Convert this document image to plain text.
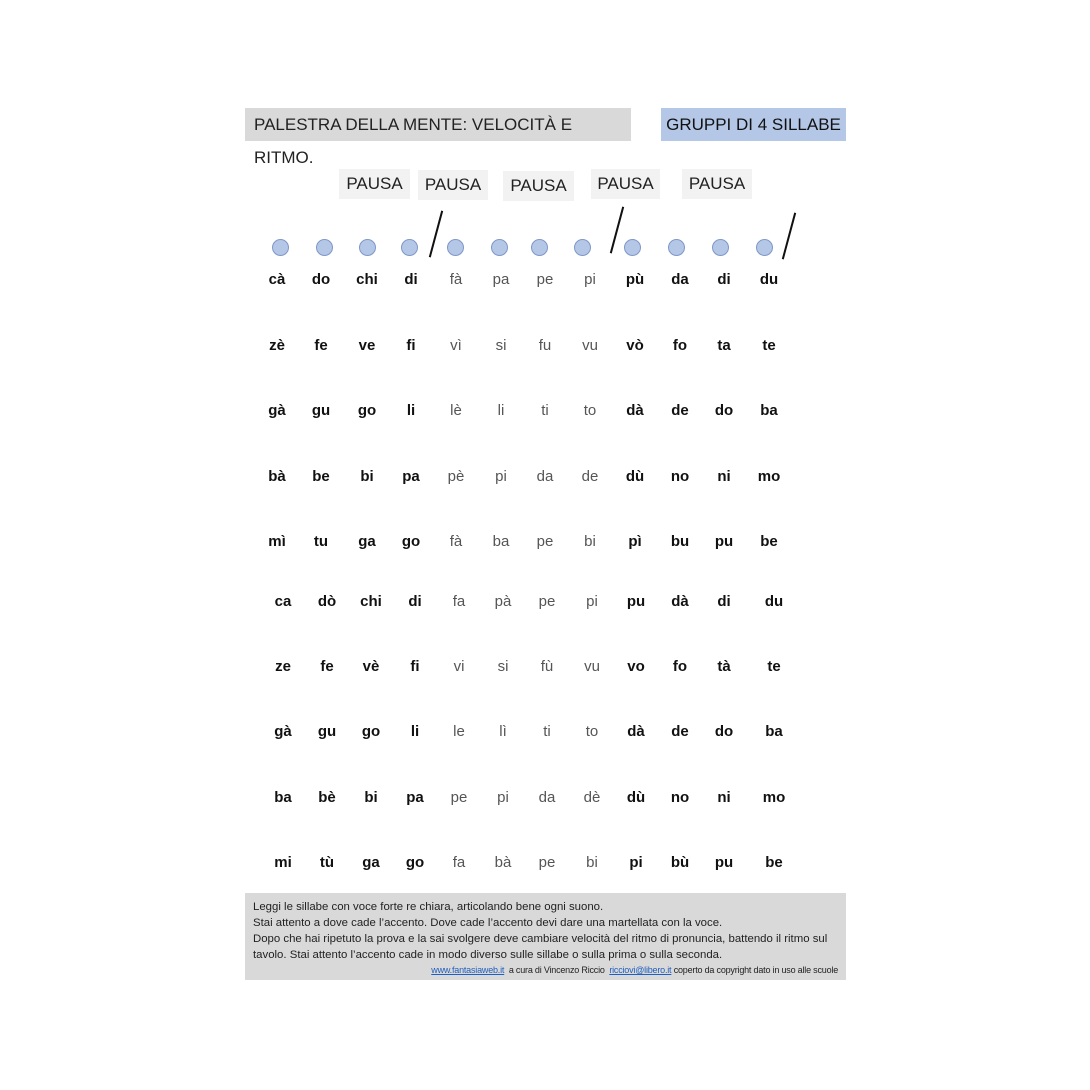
PALESTRA DELLA MENTE: VELOCITÀ E RITMO.
GRUPPI DI 4 SILLABE
PAUSA	PAUSA	PAUSA	PAUSA	PAUSA
cà	do	chi	di	fà	pa	pe	pi	pù	da	di	du
zè	fe	ve	fi	vì	si	fu	vu	vò	fo	ta	te
gà	gu	go	li	lè	li	ti	to	dà	de	do	ba
bà	be	bi	pa	pè	pi	da	de	dù	no	ni	mo
mì	tu	ga	go	fà	ba	pe	bi	pì	bu	pu	be
ca	dò	chi	di	fa	pà	pe	pi	pu	dà	di	du
ze	fe	vè	fi	vi	si	fù	vu	vo	fo	tà	te
gà	gu	go	li	le	lì	ti	to	dà	de	do	ba
ba	bè	bi	pa	pe	pi	da	dè	dù	no	ni	mo
mi	tù	ga	go	fa	bà	pe	bi	pi	bù	pu	be

Leggi le sillabe con voce forte re chiara, articolando bene ogni suono.

Stai attento a dove cade l’accento. Dove cade l’accento devi dare una martellata con la voce.

Dopo che hai ripetuto la prova e la sai svolgere deve cambiare velocità del ritmo di pronuncia, battendo il ritmo sul tavolo. Stai attento l’accento cade in modo diverso sulle sillabe o sulla prima o sulla seconda.

www.fantasiaweb.it a cura di Vincenzo Riccio ricciovi@libero.it coperto da copyright dato in uso alle scuole
